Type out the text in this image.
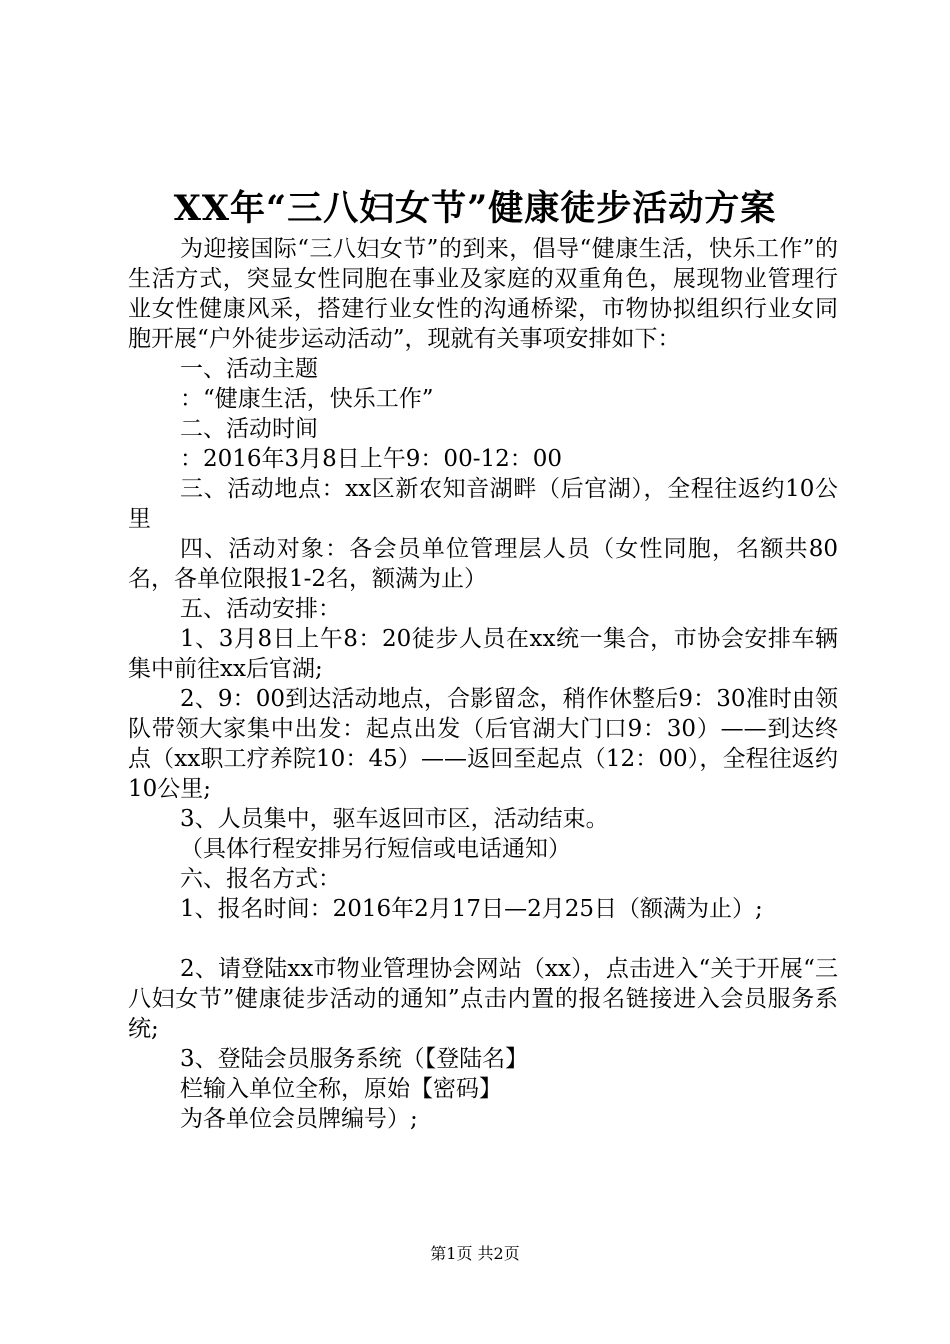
XX年“三八妇女节”健康徒步活动方案

为迎接国际“三八妇女节”的到来，倡导“健康生活，快乐工作”的生活方式，突显女性同胞在事业及家庭的双重角色，展现物业管理行业女性健康风采，搭建行业女性的沟通桥梁，市物协拟组织行业女同胞开展“户外徒步运动活动”，现就有关事项安排如下：

一、活动主题

：“健康生活，快乐工作”

二、活动时间

：2016年3月8日上午9：00-12：00

三、活动地点：xx区新农知音湖畔（后官湖），全程往返约10公里

四、活动对象：各会员单位管理层人员（女性同胞，名额共80名，各单位限报1-2名，额满为止）

五、活动安排：

1、3月8日上午8：20徒步人员在xx统一集合，市协会安排车辆集中前往xx后官湖;

2、9：00到达活动地点，合影留念，稍作休整后9：30准时由领队带领大家集中出发：起点出发（后官湖大门口9：30）——到达终点（xx职工疗养院10：45）——返回至起点（12：00），全程往返约10公里;

3、人员集中，驱车返回市区，活动结束。

（具体行程安排另行短信或电话通知）

六、报名方式：

1、报名时间：2016年2月17日—2月25日（额满为止）;

2、请登陆xx市物业管理协会网站（xx），点击进入“关于开展“三八妇女节”健康徒步活动的通知”点击内置的报名链接进入会员服务系统;

3、登陆会员服务系统（【登陆名】

栏输入单位全称，原始【密码】

为各单位会员牌编号）;

第1页 共2页
